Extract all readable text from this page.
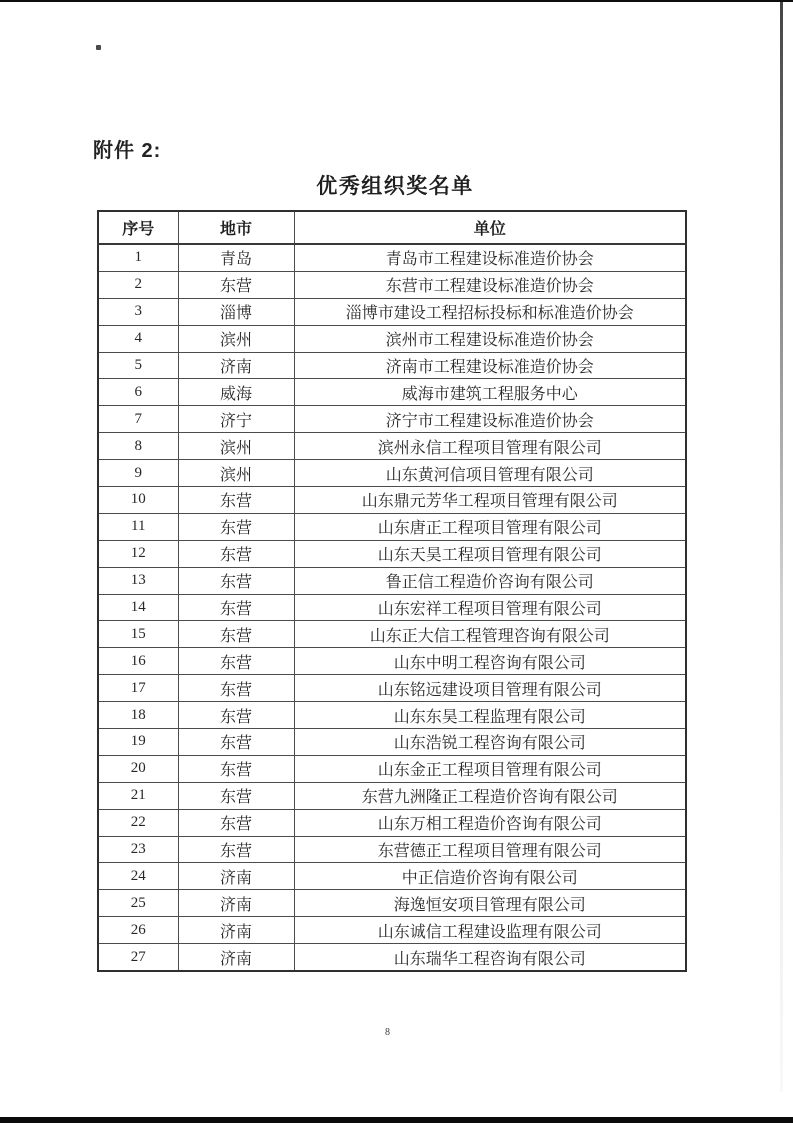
附件 2:
优秀组织奖名单
序号	地市	单位
1	青岛	青岛市工程建设标准造价协会
2	东营	东营市工程建设标准造价协会
3	淄博	淄博市建设工程招标投标和标准造价协会
4	滨州	滨州市工程建设标准造价协会
5	济南	济南市工程建设标准造价协会
6	威海	威海市建筑工程服务中心
7	济宁	济宁市工程建设标准造价协会
8	滨州	滨州永信工程项目管理有限公司
9	滨州	山东黄河信项目管理有限公司
10	东营	山东鼎元芳华工程项目管理有限公司
11	东营	山东唐正工程项目管理有限公司
12	东营	山东天昊工程项目管理有限公司
13	东营	鲁正信工程造价咨询有限公司
14	东营	山东宏祥工程项目管理有限公司
15	东营	山东正大信工程管理咨询有限公司
16	东营	山东中明工程咨询有限公司
17	东营	山东铭远建设项目管理有限公司
18	东营	山东东昊工程监理有限公司
19	东营	山东浩锐工程咨询有限公司
20	东营	山东金正工程项目管理有限公司
21	东营	东营九洲隆正工程造价咨询有限公司
22	东营	山东万相工程造价咨询有限公司
23	东营	东营德正工程项目管理有限公司
24	济南	中正信造价咨询有限公司
25	济南	海逸恒安项目管理有限公司
26	济南	山东诚信工程建设监理有限公司
27	济南	山东瑞华工程咨询有限公司
8
